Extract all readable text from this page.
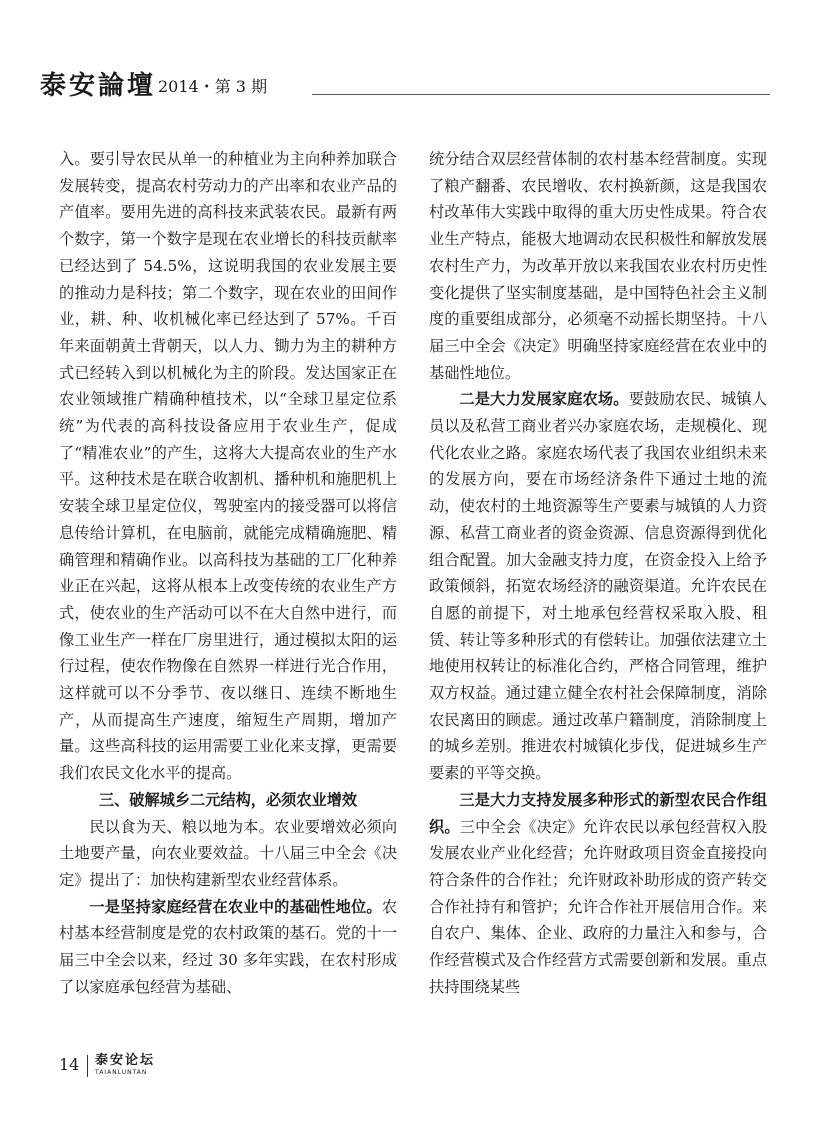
泰安論壇 2014・第 3 期

入。要引导农民从单一的种植业为主向种养加联合发展转变，提高农村劳动力的产出率和农业产品的产值率。要用先进的高科技来武装农民。最新有两个数字，第一个数字是现在农业增长的科技贡献率已经达到了 54.5%，这说明我国的农业发展主要的推动力是科技；第二个数字，现在农业的田间作业，耕、种、收机械化率已经达到了 57%。千百年来面朝黄土背朝天，以人力、锄力为主的耕种方式已经转入到以机械化为主的阶段。发达国家正在农业领域推广精确种植技术，以“全球卫星定位系统”为代表的高科技设备应用于农业生产，促成了“精准农业”的产生，这将大大提高农业的生产水平。这种技术是在联合收割机、播种机和施肥机上安装全球卫星定位仪，驾驶室内的接受器可以将信息传给计算机，在电脑前，就能完成精确施肥、精确管理和精确作业。以高科技为基础的工厂化种养业正在兴起，这将从根本上改变传统的农业生产方式，使农业的生产活动可以不在大自然中进行，而像工业生产一样在厂房里进行，通过模拟太阳的运行过程，使农作物像在自然界一样进行光合作用，这样就可以不分季节、夜以继日、连续不断地生产，从而提高生产速度，缩短生产周期，增加产量。这些高科技的运用需要工业化来支撑，更需要我们农民文化水平的提高。

三、破解城乡二元结构，必须农业增效

民以食为天、粮以地为本。农业要增效必须向土地要产量，向农业要效益。十八届三中全会《决定》提出了：加快构建新型农业经营体系。

一是坚持家庭经营在农业中的基础性地位。农村基本经营制度是党的农村政策的基石。党的十一届三中全会以来，经过 30 多年实践，在农村形成了以家庭承包经营为基础、

统分结合双层经营体制的农村基本经营制度。实现了粮产翻番、农民增收、农村换新颜，这是我国农村改革伟大实践中取得的重大历史性成果。符合农业生产特点，能极大地调动农民积极性和解放发展农村生产力，为改革开放以来我国农业农村历史性变化提供了坚实制度基础，是中国特色社会主义制度的重要组成部分，必须毫不动摇长期坚持。十八届三中全会《决定》明确坚持家庭经营在农业中的基础性地位。

二是大力发展家庭农场。要鼓励农民、城镇人员以及私营工商业者兴办家庭农场，走规模化、现代化农业之路。家庭农场代表了我国农业组织未来的发展方向，要在市场经济条件下通过土地的流动，使农村的土地资源等生产要素与城镇的人力资源、私营工商业者的资金资源、信息资源得到优化组合配置。加大金融支持力度，在资金投入上给予政策倾斜，拓宽农场经济的融资渠道。允许农民在自愿的前提下，对土地承包经营权采取入股、租赁、转让等多种形式的有偿转让。加强依法建立土地使用权转让的标准化合约，严格合同管理，维护双方权益。通过建立健全农村社会保障制度，消除农民离田的顾虑。通过改革户籍制度，消除制度上的城乡差别。推进农村城镇化步伐，促进城乡生产要素的平等交换。

三是大力支持发展多种形式的新型农民合作组织。三中全会《决定》允许农民以承包经营权入股发展农业产业化经营；允许财政项目资金直接投向符合条件的合作社；允许财政补助形成的资产转交合作社持有和管护；允许合作社开展信用合作。来自农户、集体、企业、政府的力量注入和参与，合作经营模式及合作经营方式需要创新和发展。重点扶持围绕某些

14 泰安论坛
TAIANLUNTAN
